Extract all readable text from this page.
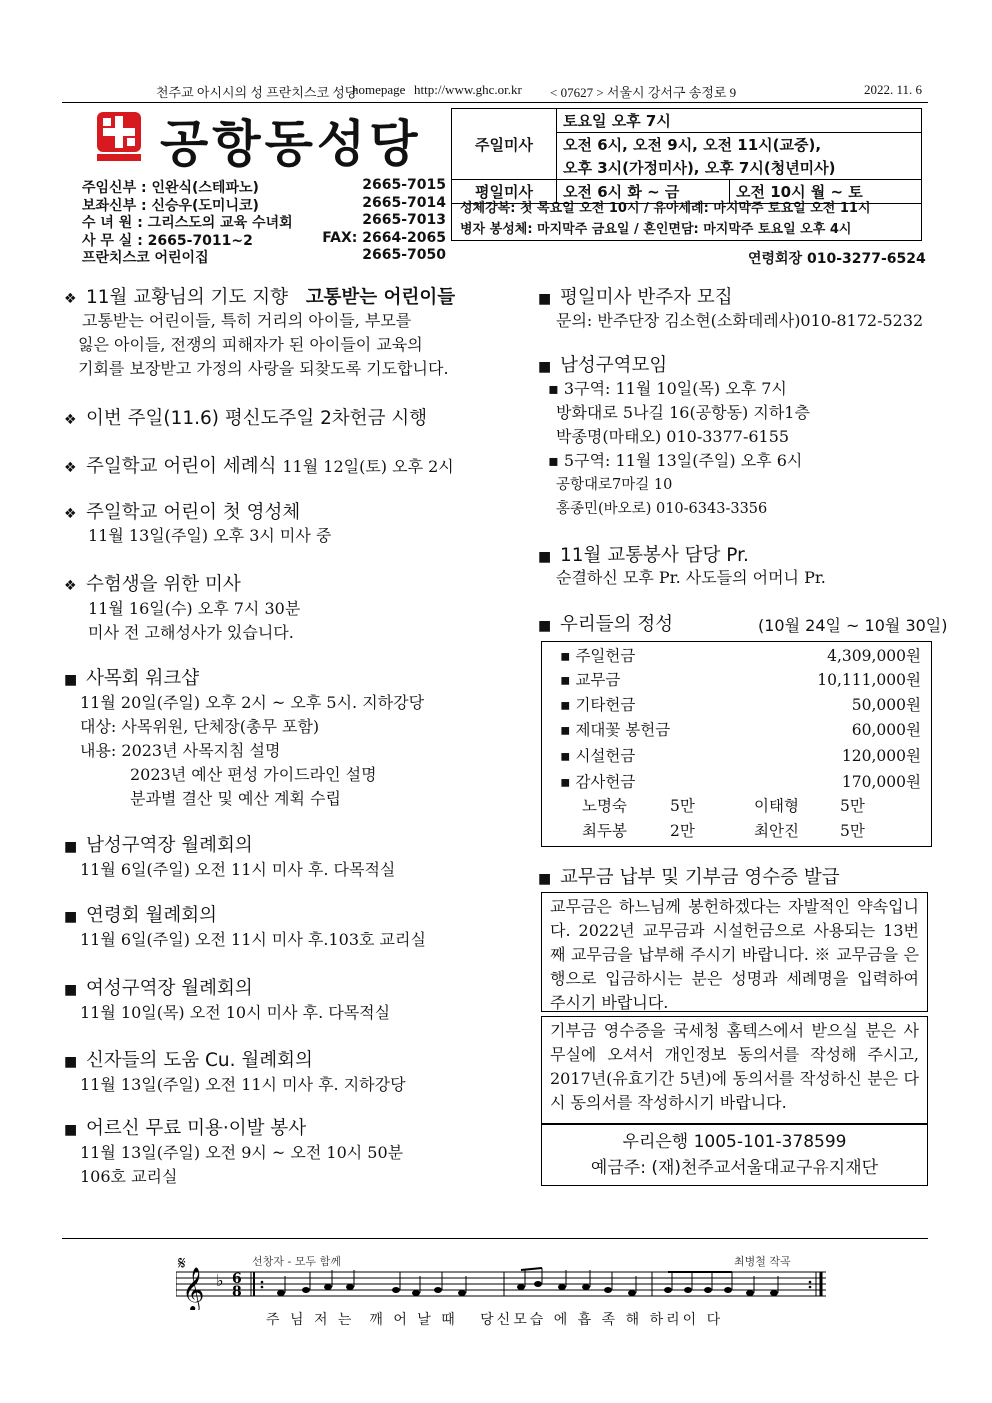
천주교 아시시의 성 프란치스코 성당
homepage http://www.ghc.or.kr < 07627 > 서울시 강서구 송정로 9	2022. 11. 6
공항동성당
주임신부 : 인완식(스테파노)	2665-7015
보좌신부 : 신승우(도미니코)	2665-7014
수 녀 원 : 그리스도의 교육 수녀회	2665-7013
사 무 실 : 2665-7011~2	FAX: 2664-2065
프란치스코 어린이집	2665-7050
주일미사	토요일 오후 7시	
	오전 6시, 오전 9시, 오전 11시(교중),	
	오후 3시(가정미사), 오후 7시(청년미사)	
평일미사	오전 6시 화 ~ 금	오전 10시 월 ~ 토
성체강복: 첫 목요일 오전 10시 / 유아세례: 마지막주 토요일 오전 11시
병자 봉성체: 마지막주 금요일 / 혼인면담: 마지막주 토요일 오후 4시
연령회장 010-3277-6524
❖ 11월 교황님의 기도 지향 고통받는 어린이들
고통받는 어린이들, 특히 거리의 아이들, 부모를
잃은 아이들, 전쟁의 피해자가 된 아이들이 교육의
기회를 보장받고 가정의 사랑을 되찾도록 기도합니다.
❖ 이번 주일(11.6) 평신도주일 2차헌금 시행
❖ 주일학교 어린이 세례식 11월 12일(토) 오후 2시
❖ 주일학교 어린이 첫 영성체
11월 13일(주일) 오후 3시 미사 중
❖ 수험생을 위한 미사
11월 16일(수) 오후 7시 30분
미사 전 고해성사가 있습니다.
■ 사목회 워크샵
11월 20일(주일) 오후 2시 ~ 오후 5시. 지하강당
대상: 사목위원, 단체장(총무 포함)
내용: 2023년 사목지침 설명
2023년 예산 편성 가이드라인 설명
분과별 결산 및 예산 계획 수립
■ 남성구역장 월례회의
11월 6일(주일) 오전 11시 미사 후. 다목적실
■ 연령회 월례회의
11월 6일(주일) 오전 11시 미사 후.103호 교리실
■ 여성구역장 월례회의
11월 10일(목) 오전 10시 미사 후. 다목적실
■ 신자들의 도움 Cu. 월례회의
11월 13일(주일) 오전 11시 미사 후. 지하강당
■ 어르신 무료 미용·이발 봉사
11월 13일(주일) 오전 9시 ~ 오전 10시 50분
106호 교리실
■ 평일미사 반주자 모집
문의: 반주단장 김소현(소화데레사)010-8172-5232
■ 남성구역모임
▪ 3구역: 11월 10일(목) 오후 7시
방화대로 5나길 16(공항동) 지하1층
박종명(마태오) 010-3377-6155
▪ 5구역: 11월 13일(주일) 오후 6시
공항대로7마길 10
홍종민(바오로) 010-6343-3356
■ 11월 교통봉사 담당 Pr.
순결하신 모후 Pr. 사도들의 어머니 Pr.
■ 우리들의 정성	(10월 24일 ~ 10월 30일)
▪ 주일헌금	4,309,000원
▪ 교무금	10,111,000원
▪ 기타헌금	50,000원
▪ 제대꽃 봉헌금	60,000원
▪ 시설헌금	120,000원
▪ 감사헌금	170,000원
노명숙	5만	이태형	5만
최두봉	2만	최안진	5만
■ 교무금 납부 및 기부금 영수증 발급
교무금은 하느님께 봉헌하겠다는 자발적인 약속입니다. 2022년 교무금과 시설헌금으로 사용되는 13번째 교무금을 납부해 주시기 바랍니다. ※ 교무금을 은행으로 입금하시는 분은 성명과 세례명을 입력하여 주시기 바랍니다.
기부금 영수증을 국세청 홈텍스에서 받으실 분은 사무실에 오셔서 개인정보 동의서를 작성해 주시고, 2017년(유효기간 5년)에 동의서를 작성하신 분은 다시 동의서를 작성하시기 바랍니다.
우리은행 1005-101-378599
예금주: (재)천주교서울대교구유지재단
선창자 - 모두 함께	최병철 작곡
𝄋
𝄞 ♭ 6
8
주 님 저 는  깨 어 날 때   당신모습 에 흡 족 해 하리이 다
